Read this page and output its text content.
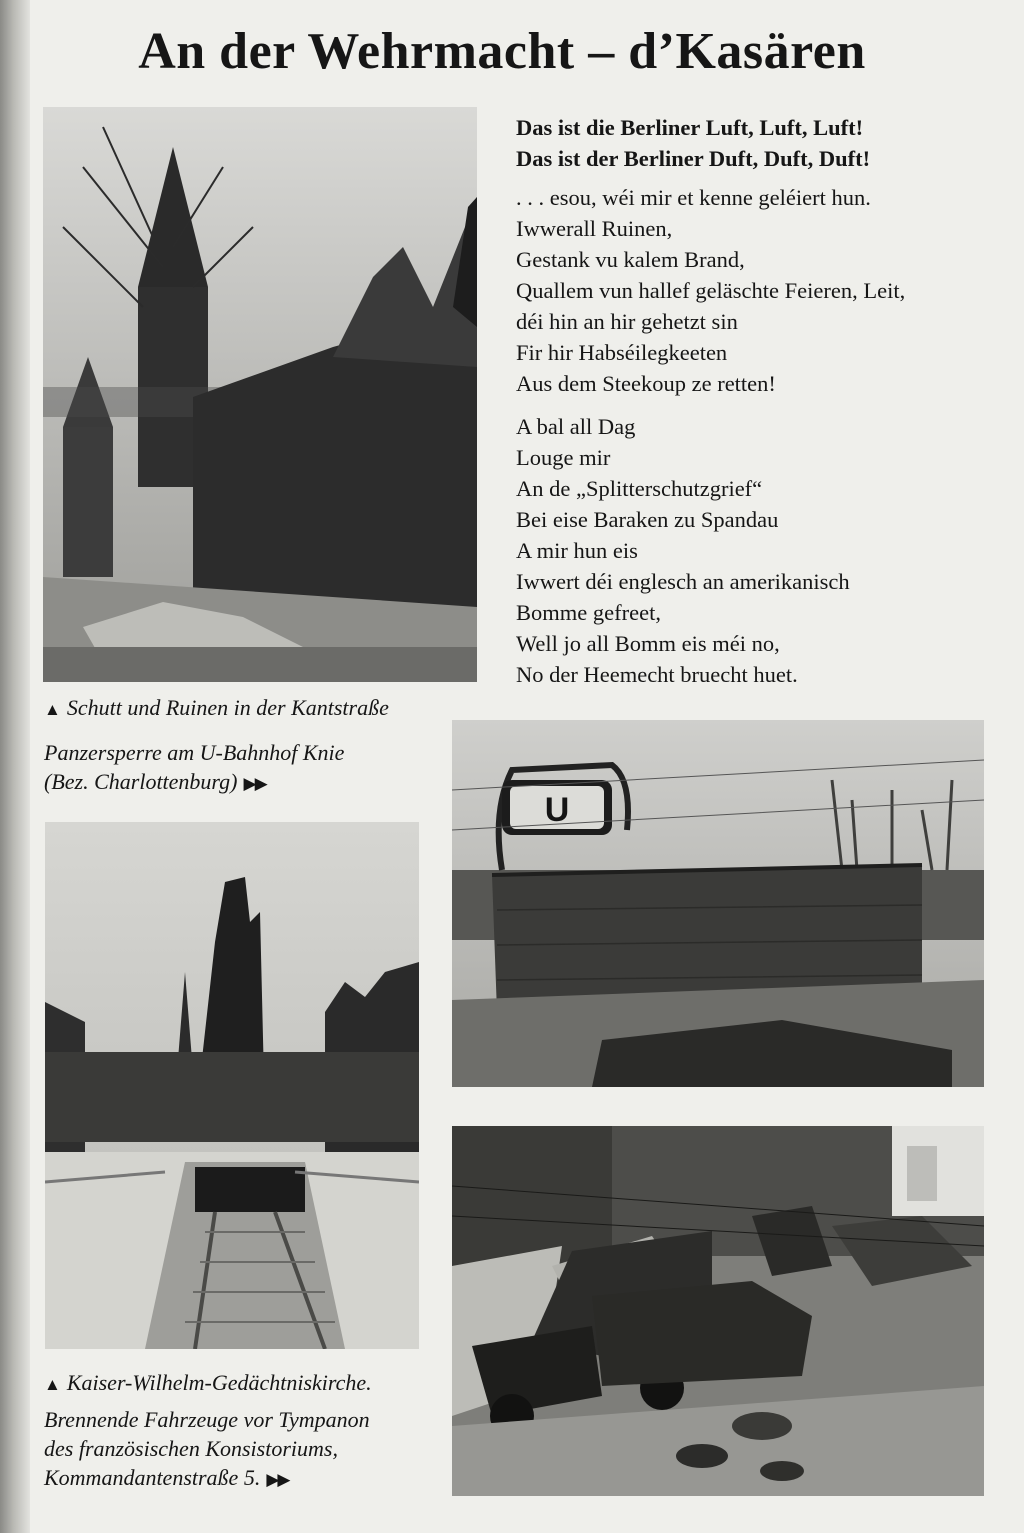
An der Wehrmacht – d’Kasären
Das ist die Berliner Luft, Luft, Luft!
Das ist der Berliner Duft, Duft, Duft!
. . . esou, wéi mir et kenne geléiert hun.
Iwwerall Ruinen,
Gestank vu kalem Brand,
Quallem vun hallef geläschte Feieren, Leit,
déi hin an hir gehetzt sin
Fir hir Habséilegkeeten
Aus dem Steekoup ze retten!
A bal all Dag
Louge mir
An de „Splitterschutzgrief“
Bei eise Baraken zu Spandau
A mir hun eis
Iwwert déi englesch an amerikanisch
Bomme gefreet,
Well jo all Bomm eis méi no,
No der Heemecht bruecht huet.
▲ Schutt und Ruinen in der Kantstraße
Panzersperre am U-Bahnhof Knie
(Bez. Charlottenburg) ▶▶
U
▲ Kaiser-Wilhelm-Gedächtniskirche.
Brennende Fahrzeuge vor Tympanon
des französischen Konsistoriums,
Kommandantenstraße 5. ▶▶
